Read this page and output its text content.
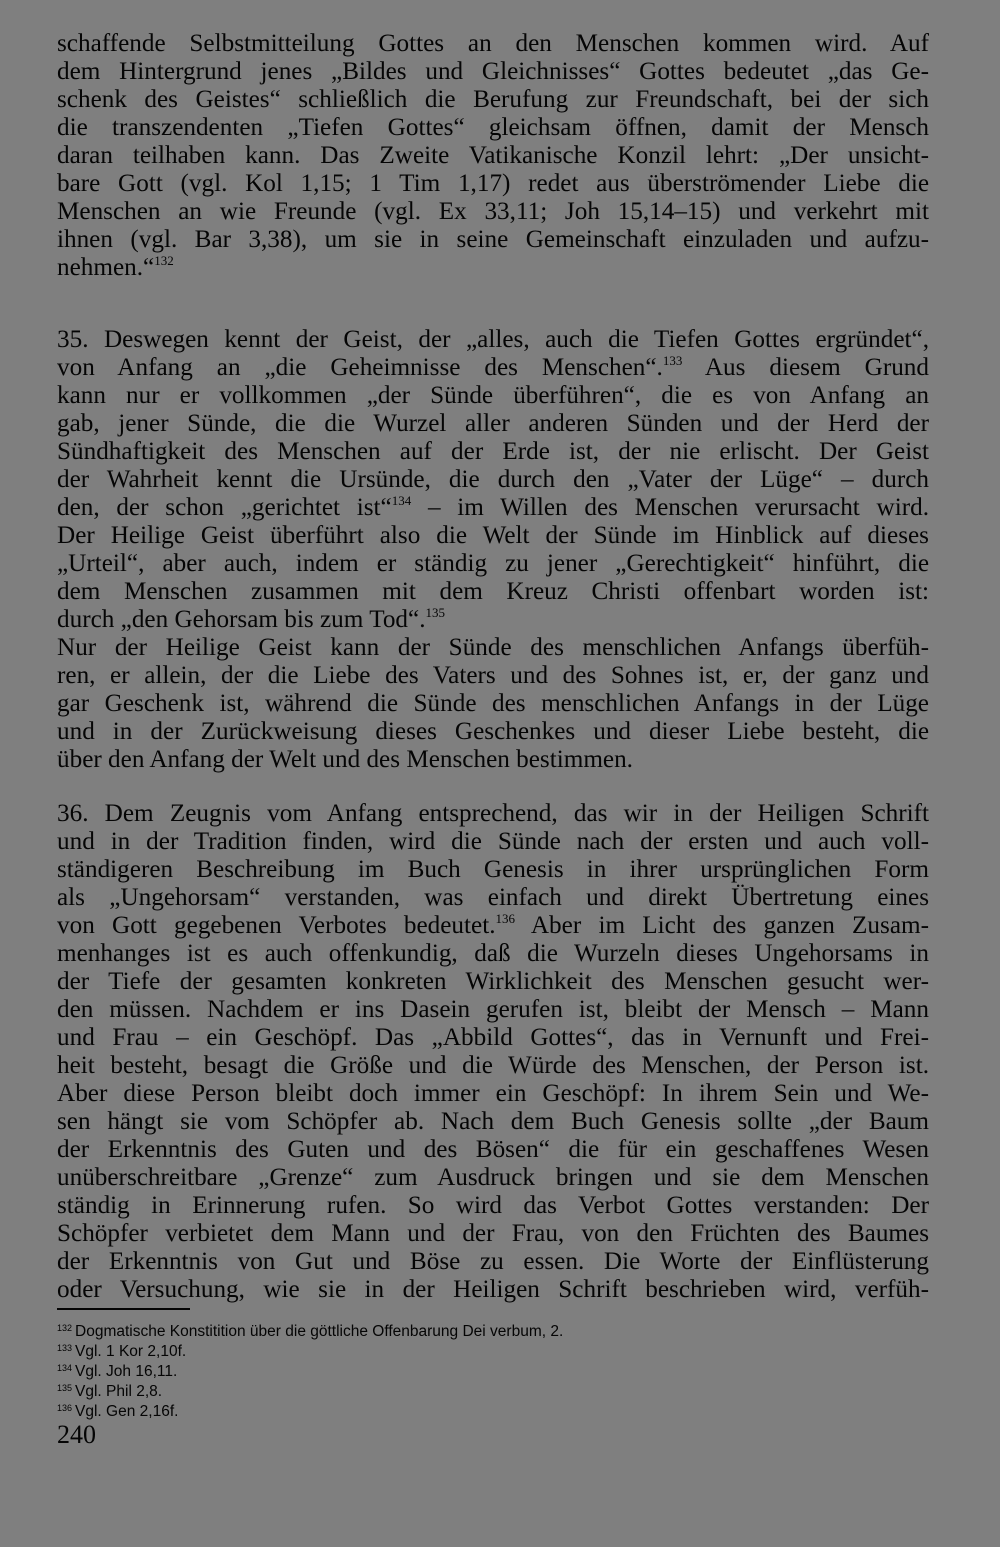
schaffende Selbstmitteilung Gottes an den Menschen kommen wird. Auf
dem Hintergrund jenes „Bildes und Gleichnisses“ Gottes bedeutet „das Ge-
schenk des Geistes“ schließlich die Berufung zur Freundschaft, bei der sich
die transzendenten „Tiefen Gottes“ gleichsam öffnen, damit der Mensch
daran teilhaben kann. Das Zweite Vatikanische Konzil lehrt: „Der unsicht-
bare Gott (vgl. Kol 1,15; 1 Tim 1,17) redet aus überströmender Liebe die
Menschen an wie Freunde (vgl. Ex 33,11; Joh 15,14–15) und verkehrt mit
ihnen (vgl. Bar 3,38), um sie in seine Gemeinschaft einzuladen und aufzu-
nehmen.“$^{132}$
35. Deswegen kennt der Geist, der „alles, auch die Tiefen Gottes ergründet“,
von Anfang an „die Geheimnisse des Menschen“.$^{133}$ Aus diesem Grund
kann nur er vollkommen „der Sünde überführen“, die es von Anfang an
gab, jener Sünde, die die Wurzel aller anderen Sünden und der Herd der
Sündhaftigkeit des Menschen auf der Erde ist, der nie erlischt. Der Geist
der Wahrheit kennt die Ursünde, die durch den „Vater der Lüge“ – durch
den, der schon „gerichtet ist“$^{134}$ – im Willen des Menschen verursacht wird.
Der Heilige Geist überführt also die Welt der Sünde im Hinblick auf dieses
„Urteil“, aber auch, indem er ständig zu jener „Gerechtigkeit“ hinführt, die
dem Menschen zusammen mit dem Kreuz Christi offenbart worden ist:
durch „den Gehorsam bis zum Tod“.$^{135}$
Nur der Heilige Geist kann der Sünde des menschlichen Anfangs überfüh-
ren, er allein, der die Liebe des Vaters und des Sohnes ist, er, der ganz und
gar Geschenk ist, während die Sünde des menschlichen Anfangs in der Lüge
und in der Zurückweisung dieses Geschenkes und dieser Liebe besteht, die
über den Anfang der Welt und des Menschen bestimmen.
36. Dem Zeugnis vom Anfang entsprechend, das wir in der Heiligen Schrift
und in der Tradition finden, wird die Sünde nach der ersten und auch voll-
ständigeren Beschreibung im Buch Genesis in ihrer ursprünglichen Form
als „Ungehorsam“ verstanden, was einfach und direkt Übertretung eines
von Gott gegebenen Verbotes bedeutet.$^{136}$ Aber im Licht des ganzen Zusam-
menhanges ist es auch offenkundig, daß die Wurzeln dieses Ungehorsams in
der Tiefe der gesamten konkreten Wirklichkeit des Menschen gesucht wer-
den müssen. Nachdem er ins Dasein gerufen ist, bleibt der Mensch – Mann
und Frau – ein Geschöpf. Das „Abbild Gottes“, das in Vernunft und Frei-
heit besteht, besagt die Größe und die Würde des Menschen, der Person ist.
Aber diese Person bleibt doch immer ein Geschöpf: In ihrem Sein und We-
sen hängt sie vom Schöpfer ab. Nach dem Buch Genesis sollte „der Baum
der Erkenntnis des Guten und des Bösen“ die für ein geschaffenes Wesen
unüberschreitbare „Grenze“ zum Ausdruck bringen und sie dem Menschen
ständig in Erinnerung rufen. So wird das Verbot Gottes verstanden: Der
Schöpfer verbietet dem Mann und der Frau, von den Früchten des Baumes
der Erkenntnis von Gut und Böse zu essen. Die Worte der Einflüsterung
oder Versuchung, wie sie in der Heiligen Schrift beschrieben wird, verfüh-
$^{132}$ Dogmatische Konstitition über die göttliche Offenbarung Dei verbum, 2.
$^{133}$ Vgl. 1 Kor 2,10f.
$^{134}$ Vgl. Joh 16,11.
$^{135}$ Vgl. Phil 2,8.
$^{136}$ Vgl. Gen 2,16f.
240
